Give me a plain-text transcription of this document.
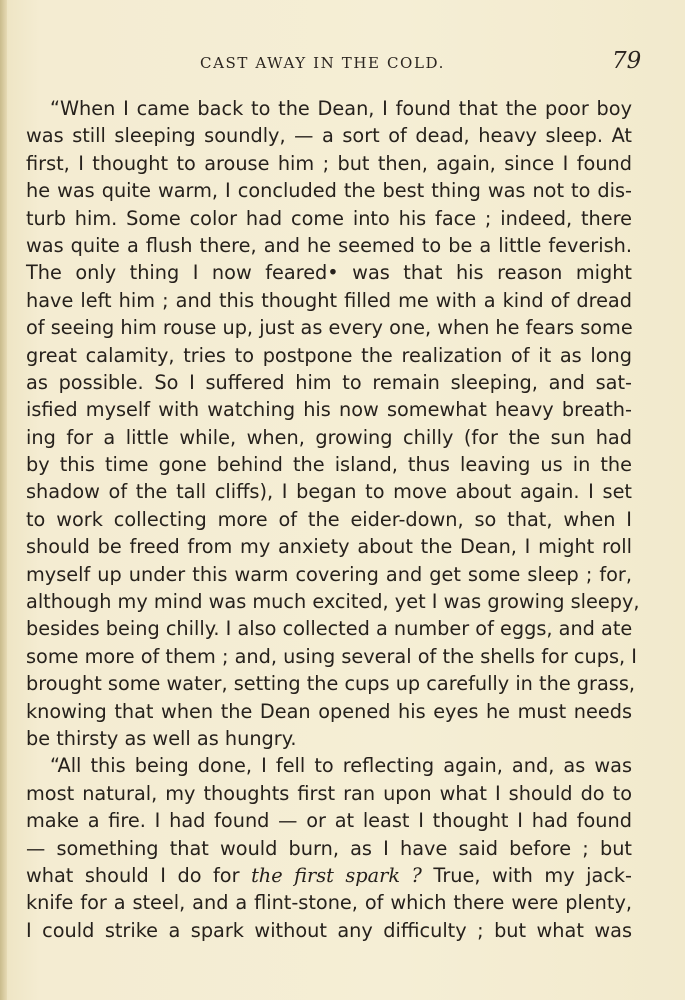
CAST AWAY IN THE COLD.	79
“When I came back to the Dean, I found that the poor boy
was still sleeping soundly, — a sort of dead, heavy sleep. At
first, I thought to arouse him ; but then, again, since I found
he was quite warm, I concluded the best thing was not to dis-
turb him. Some color had come into his face ; indeed, there
was quite a flush there, and he seemed to be a little feverish.
The only thing I now feared• was that his reason might
have left him ; and this thought filled me with a kind of dread
of seeing him rouse up, just as every one, when he fears some
great calamity, tries to postpone the realization of it as long
as possible. So I suffered him to remain sleeping, and sat-
isfied myself with watching his now somewhat heavy breath-
ing for a little while, when, growing chilly (for the sun had
by this time gone behind the island, thus leaving us in the
shadow of the tall cliffs), I began to move about again. I set
to work collecting more of the eider-down, so that, when I
should be freed from my anxiety about the Dean, I might roll
myself up under this warm covering and get some sleep ; for,
although my mind was much excited, yet I was growing sleepy,
besides being chilly. I also collected a number of eggs, and ate
some more of them ; and, using several of the shells for cups, I
brought some water, setting the cups up carefully in the grass,
knowing that when the Dean opened his eyes he must needs
be thirsty as well as hungry.
“All this being done, I fell to reflecting again, and, as was
most natural, my thoughts first ran upon what I should do to
make a fire. I had found — or at least I thought I had found
— something that would burn, as I have said before ; but
what should I do for the first spark ? True, with my jack-
knife for a steel, and a flint-stone, of which there were plenty,
I could strike a spark without any difficulty ; but what was
